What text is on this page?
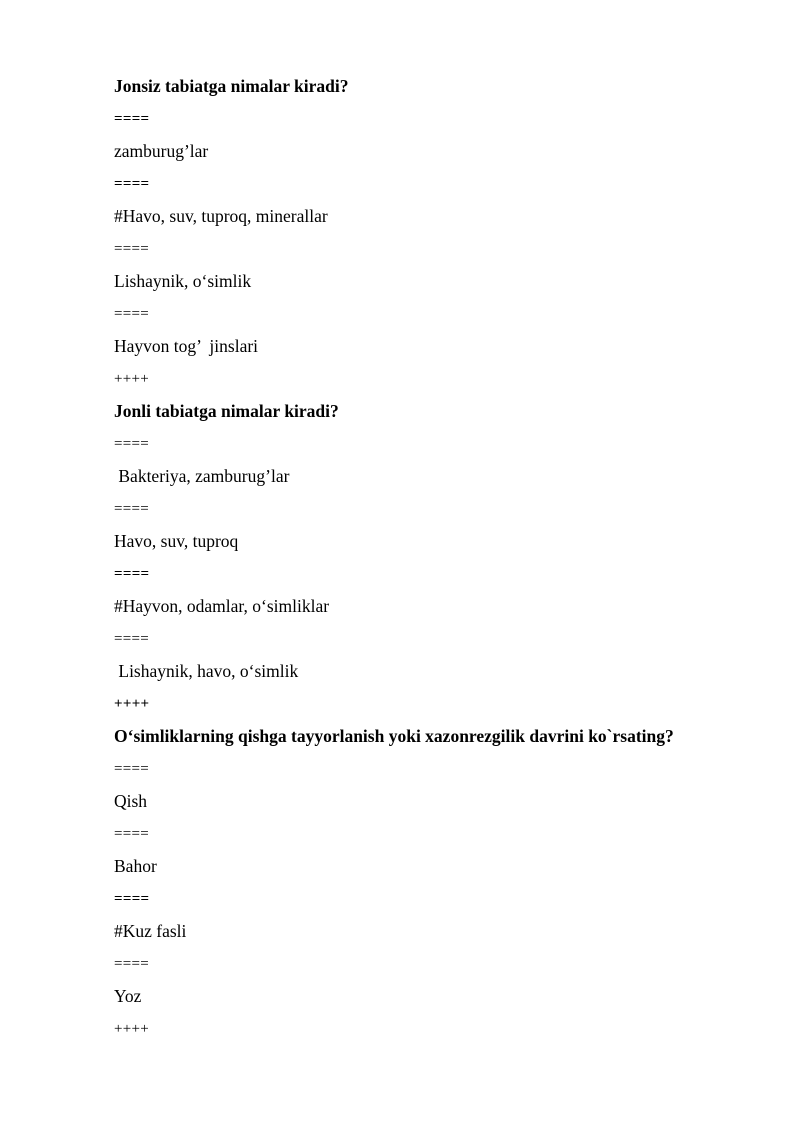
Jonsiz tabiatga nimalar kiradi?
====
zamburug’lar
====
#Havo, suv, tuproq, minerallar
====
Lishaynik, o‘simlik
====
Hayvon tog’  jinslari
++++
Jonli tabiatga nimalar kiradi?
====
Bakteriya, zamburug’lar
====
Havo, suv, tuproq
====
#Hayvon, odamlar, o‘simliklar
====
Lishaynik, havo, o‘simlik
++++
O‘simliklarning qishga tayyorlanish yoki xazonrezgilik davrini ko`rsating?
====
Qish
====
Bahor
====
#Kuz fasli
====
Yoz
++++
